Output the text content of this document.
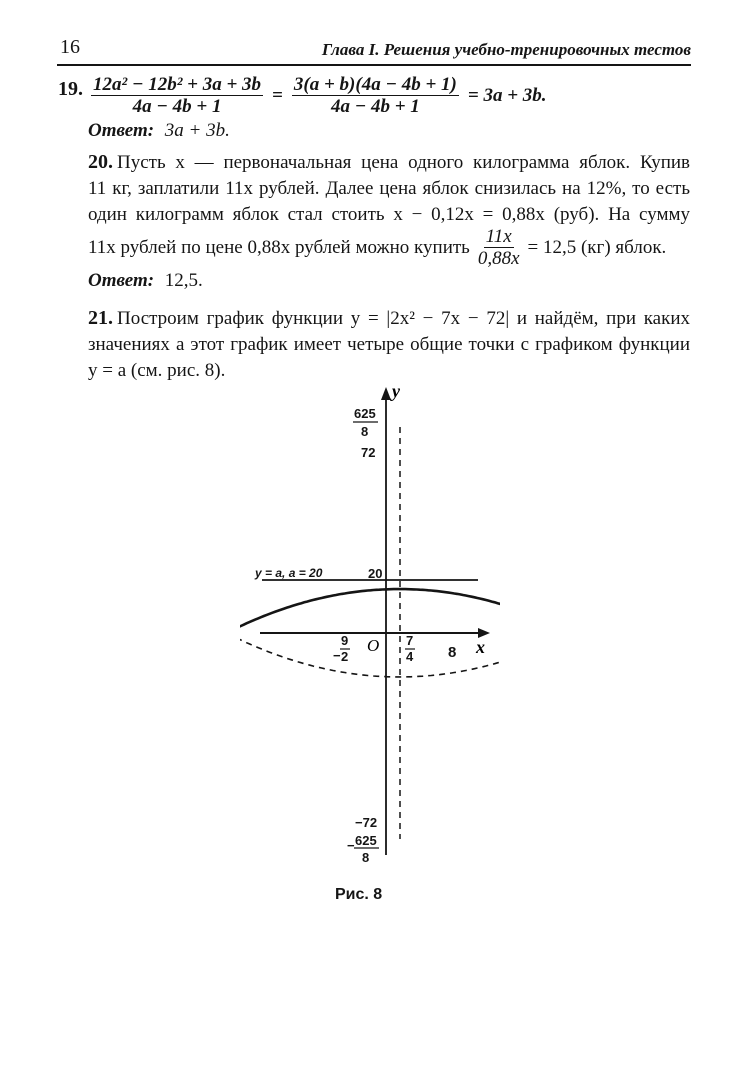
16	Глава I. Решения учебно-тренировочных тестов
19. $\frac{\text{12a² − 12b² + 3a + 3b}}{4a - 4b + 1} = \frac{3(a + b)(4a - 4b + 1)}{4a - 4b + 1} = 3a + 3b$.
Ответ: 3a + 3b.
20. Пусть x — первоначальная цена одного килограмма яблок. Купив
11 кг, заплатили 11x рублей. Далее цена яблок снизилась на 12%, то есть
один килограмм яблок стал стоить x − 0,12x = 0,88x (руб). На сумму
11x рублей по цене 0,88x рублей можно купить $\frac{11x}{0,88x} = 12,5$ (кг) яблок.
Ответ: 12,5.
21. Построим график функции y = |2x² − 7x − 72| и найдём, при каких
значениях a этот график имеет четыре общие точки с графиком функции
y = a (см. рис. 8).
y
x
O
625
8
72
20
y = a, a = 20
−
9
2
7
4 8
−72
− 625
8
Рис. 8
